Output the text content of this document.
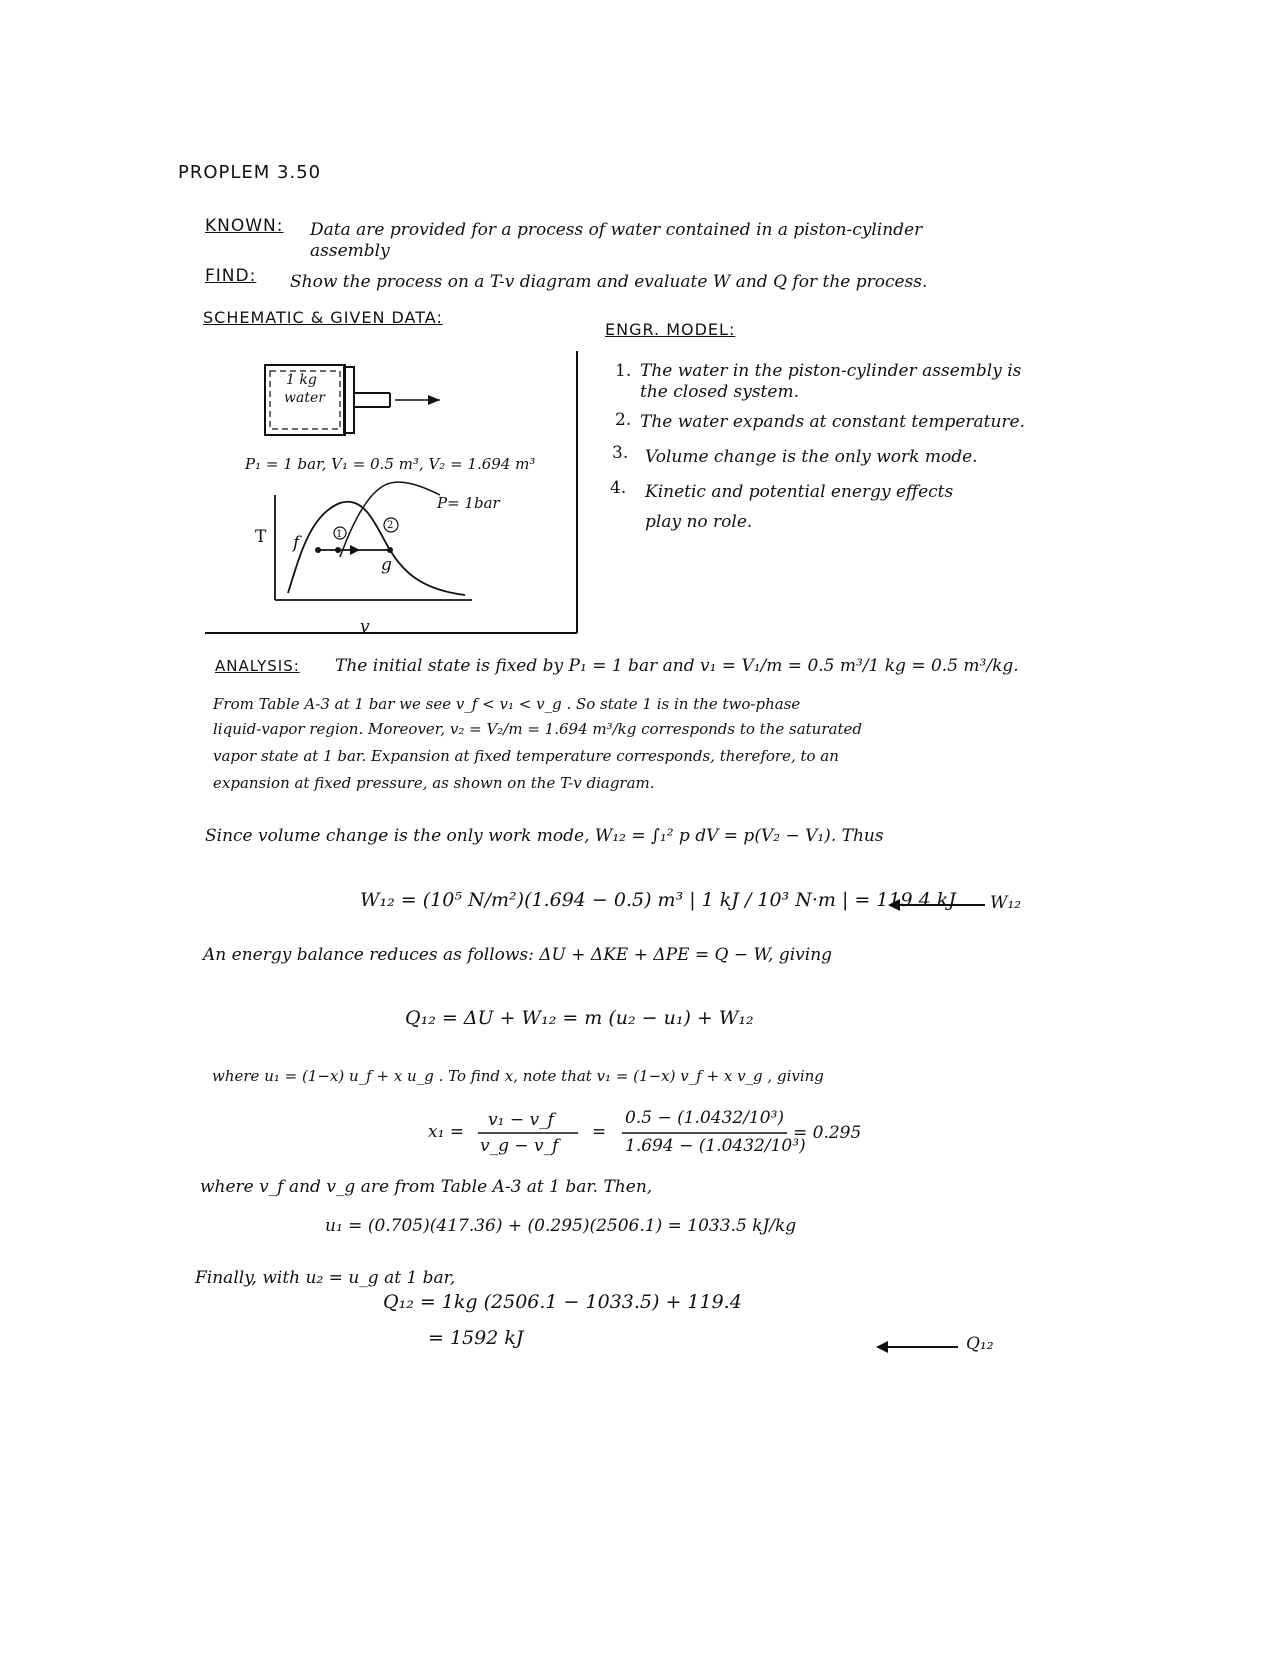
PROPLEM 3.50
KNOWN: Data are provided for a process of water contained in a piston-cylinder
assembly
FIND: Show the process on a T-v diagram and evaluate W and Q for the process.
SCHEMATIC & GIVEN DATA:
1 kg
water
P₁ = 1 bar, V₁ = 0.5 m³, V₂ = 1.694 m³
P= 1bar
T
v
f
g
1
2
ENGR. MODEL:
1. The water in the piston-cylinder assembly is
the closed system.
2. The water expands at constant temperature.
3. Volume change is the only work mode.
4. Kinetic and potential energy effects
play no role.
ANALYSIS: The initial state is fixed by P₁ = 1 bar and v₁ = V₁/m = 0.5 m³/1 kg = 0.5 m³/kg.
From Table A-3 at 1 bar we see v_f < v₁ < v_g . So state 1 is in the two-phase
liquid-vapor region. Moreover, v₂ = V₂/m = 1.694 m³/kg corresponds to the saturated
vapor state at 1 bar. Expansion at fixed temperature corresponds, therefore, to an
expansion at fixed pressure, as shown on the T-v diagram.
Since volume change is the only work mode, W₁₂ = ∫₁² p dV = p(V₂ − V₁). Thus
W₁₂ = (10⁵ N/m²)(1.694 − 0.5) m³ | 1 kJ / 10³ N·m | = 119.4 kJ W₁₂
An energy balance reduces as follows: ΔU + ΔKE + ΔPE = Q − W, giving
Q₁₂ = ΔU + W₁₂ = m (u₂ − u₁) + W₁₂
where u₁ = (1−x) u_f + x u_g . To find x, note that v₁ = (1−x) v_f + x v_g , giving
x₁ =
v₁ − v_f
v_g − v_f
=
0.5 − (1.0432/10³)
1.694 − (1.0432/10³)
= 0.295
where v_f and v_g are from Table A-3 at 1 bar. Then,
u₁ = (0.705)(417.36) + (0.295)(2506.1) = 1033.5 kJ/kg
Finally, with u₂ = u_g at 1 bar,
Q₁₂ = 1kg (2506.1 − 1033.5) + 119.4
= 1592 kJ	Q₁₂
